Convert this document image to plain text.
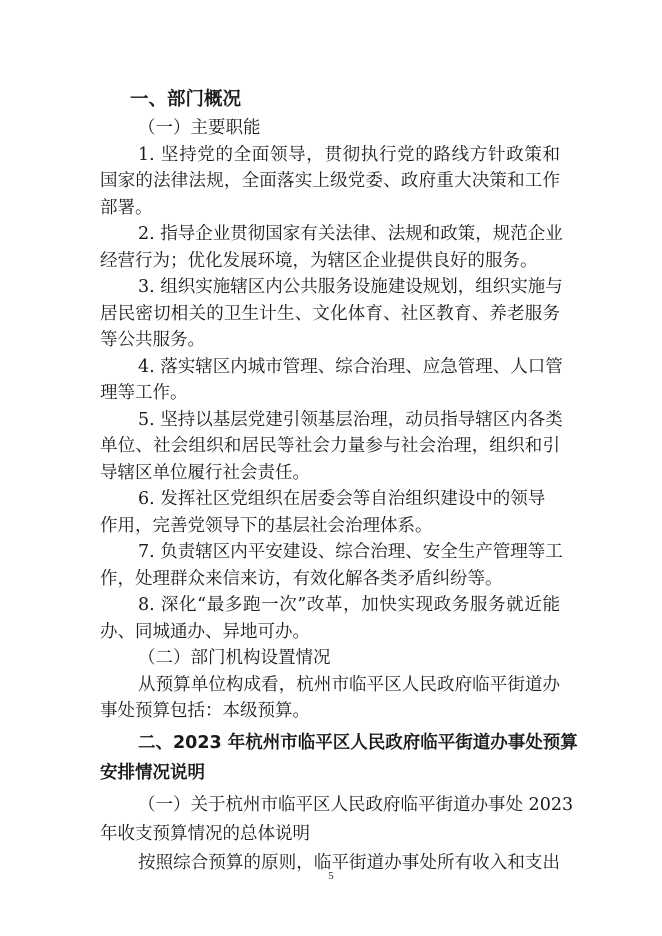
一、部门概况
（一）主要职能
1. 坚持党的全面领导，贯彻执行党的路线方针政策和
国家的法律法规，全面落实上级党委、政府重大决策和工作
部署。
2. 指导企业贯彻国家有关法律、法规和政策，规范企业
经营行为；优化发展环境，为辖区企业提供良好的服务。
3. 组织实施辖区内公共服务设施建设规划，组织实施与
居民密切相关的卫生计生、文化体育、社区教育、养老服务
等公共服务。
4. 落实辖区内城市管理、综合治理、应急管理、人口管
理等工作。
5. 坚持以基层党建引领基层治理，动员指导辖区内各类
单位、社会组织和居民等社会力量参与社会治理，组织和引
导辖区单位履行社会责任。
6. 发挥社区党组织在居委会等自治组织建设中的领导
作用，完善党领导下的基层社会治理体系。
7. 负责辖区内平安建设、综合治理、安全生产管理等工
作，处理群众来信来访，有效化解各类矛盾纠纷等。
8. 深化“最多跑一次”改革，加快实现政务服务就近能
办、同城通办、异地可办。
（二）部门机构设置情况
从预算单位构成看，杭州市临平区人民政府临平街道办
事处预算包括：本级预算。
二、2023 年杭州市临平区人民政府临平街道办事处预算
安排情况说明
（一）关于杭州市临平区人民政府临平街道办事处 2023
年收支预算情况的总体说明
按照综合预算的原则，临平街道办事处所有收入和支出
5
